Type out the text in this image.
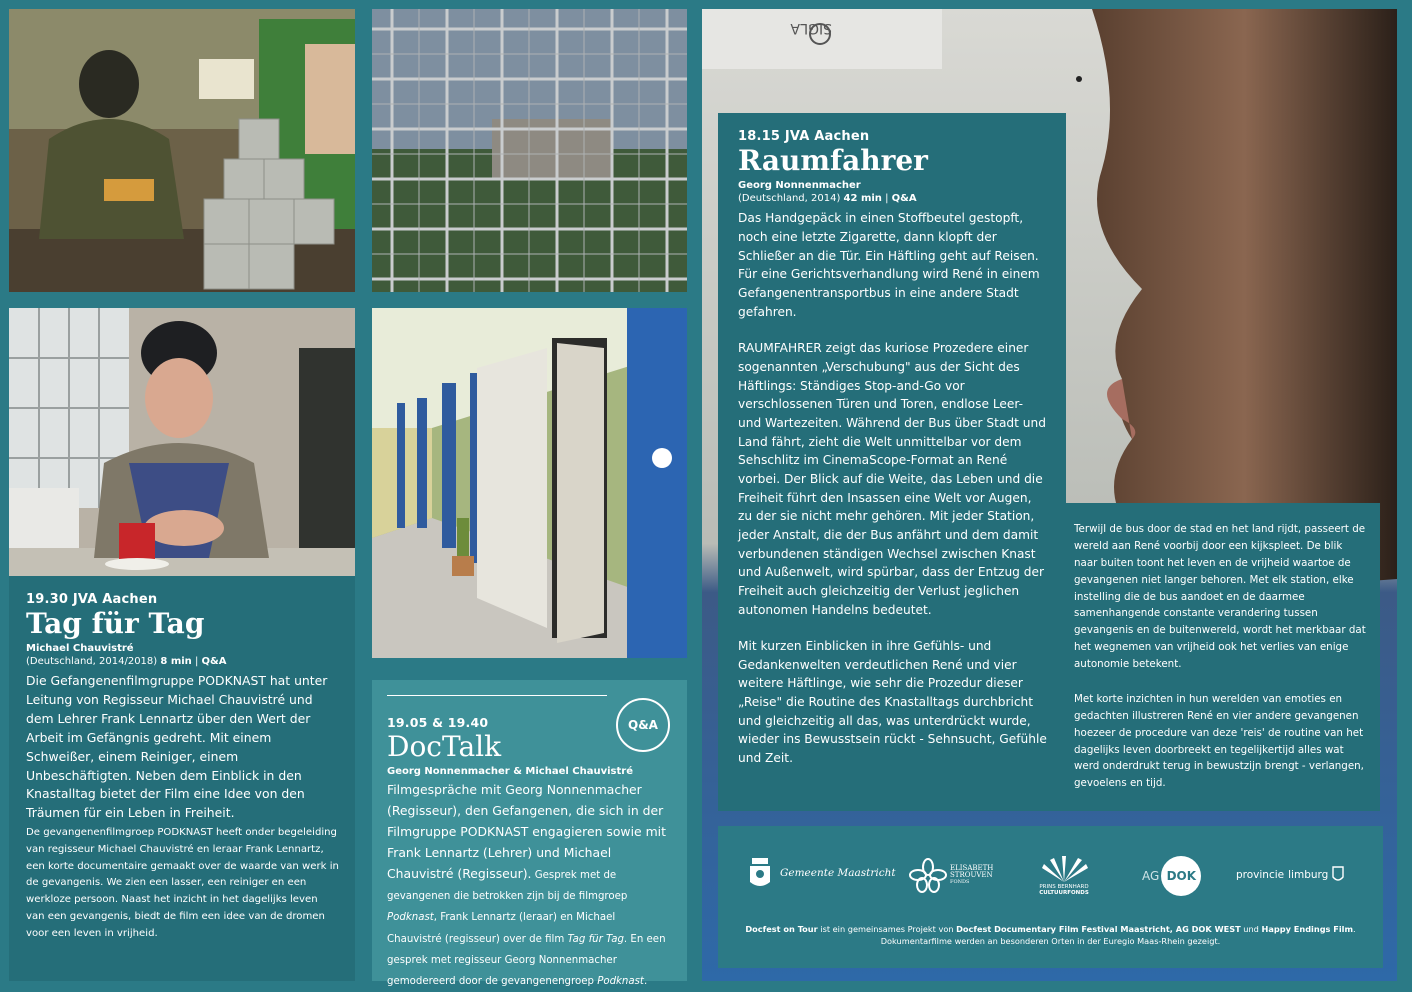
19.30 JVA Aachen
Tag für Tag
Michael Chauvistré
(Deutschland, 2014/2018) 8 min | Q&A

Die Gefangenenfilmgruppe PODKNAST hat unter Leitung von Regisseur Michael Chauvistré und dem Lehrer Frank Lennartz über den Wert der Arbeit im Gefängnis gedreht. Mit einem Schweißer, einem Reiniger, einem Unbeschäftigten. Neben dem Einblick in den Knastalltag bietet der Film eine Idee von den Träumen für ein Leben in Freiheit.

De gevangenenfilmgroep PODKNAST heeft onder begeleiding van regisseur Michael Chauvistré en leraar Frank Lennartz, een korte documentaire gemaakt over de waarde van werk in de gevangenis. We zien een lasser, een reiniger en een werkloze persoon. Naast het inzicht in het dagelijks leven van een gevangenis, biedt de film een idee van de dromen voor een leven in vrijheid.

Q&A
19.05 & 19.40
DocTalk
Georg Nonnenmacher & Michael Chauvistré

Filmgespräche mit Georg Nonnenmacher (Regisseur), den Gefangenen, die sich in der Filmgruppe PODKNAST engagieren sowie mit Frank Lennartz (Lehrer) und Michael Chauvistré (Regisseur). Gesprek met de gevangenen die betrokken zijn bij de filmgroep Podknast, Frank Lennartz (leraar) en Michael Chauvistré (regisseur) over de film Tag für Tag. En een gesprek met regisseur Georg Nonnenmacher gemodereerd door de gevangenengroep Podknast.

SIGLA
18.15 JVA Aachen
Raumfahrer
Georg Nonnenmacher
(Deutschland, 2014) 42 min | Q&A

Das Handgepäck in einen Stoffbeutel gestopft, noch eine letzte Zigarette, dann klopft der Schließer an die Tür. Ein Häftling geht auf Reisen. Für eine Gerichtsverhandlung wird René in einem Gefangenentransportbus in eine andere Stadt gefahren.

RAUMFAHRER zeigt das kuriose Prozedere einer sogenannten „Verschubung" aus der Sicht des Häftlings: Ständiges Stop-and-Go vor verschlossenen Türen und Toren, endlose Leer- und Wartezeiten. Während der Bus über Stadt und Land fährt, zieht die Welt unmittelbar vor dem Sehschlitz im CinemaScope-Format an René vorbei. Der Blick auf die Weite, das Leben und die Freiheit führt den Insassen eine Welt vor Augen, zu der sie nicht mehr gehören. Mit jeder Station, jeder Anstalt, die der Bus anfährt und dem damit verbundenen ständigen Wechsel zwischen Knast und Außenwelt, wird spürbar, dass der Entzug der Freiheit auch gleichzeitig der Verlust jeglichen autonomen Handelns bedeutet.

Mit kurzen Einblicken in ihre Gefühls- und Gedankenwelten verdeutlichen René und vier weitere Häftlinge, wie sehr die Prozedur dieser „Reise" die Routine des Knastalltags durchbricht und gleichzeitig all das, was unterdrückt wurde, wieder ins Bewusstsein rückt - Sehnsucht, Gefühle und Zeit.

Terwijl de bus door de stad en het land rijdt, passeert de wereld aan René voorbij door een kijkspleet. De blik naar buiten toont het leven en de vrijheid waartoe de gevangenen niet langer behoren. Met elk station, elke instelling die de bus aandoet en de daarmee samenhangende constante verandering tussen gevangenis en de buitenwereld, wordt het merkbaar dat het wegnemen van vrijheid ook het verlies van enige autonomie betekent.

Met korte inzichten in hun werelden van emoties en gedachten illustreren René en vier andere gevangenen hoezeer de procedure van deze 'reis' de routine van het dagelijks leven doorbreekt en tegelijkertijd alles wat werd onderdrukt terug in bewustzijn brengt - verlangen, gevoelens en tijd.

Gemeente Maastricht	ELISABETH
STROUVEN
FONDS
PRINS BERNHARD
CULTUURFONDS
AG DOK	provincie limburg
Docfest on Tour ist ein gemeinsames Projekt von Docfest Documentary Film Festival Maastricht, AG DOK WEST und Happy Endings Film.
Dokumentarfilme werden an besonderen Orten in der Euregio Maas-Rhein gezeigt.
